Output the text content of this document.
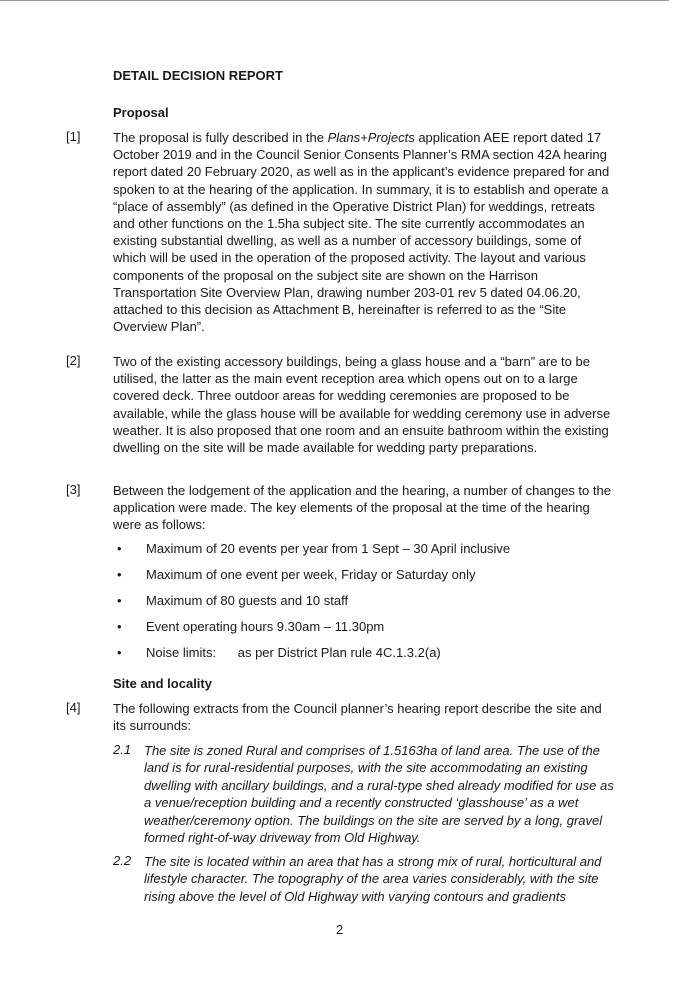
DETAIL DECISION REPORT
Proposal
[1]	The proposal is fully described in the Plans+Projects application AEE report dated 17 October 2019 and in the Council Senior Consents Planner’s RMA section 42A hearing report dated 20 February 2020, as well as in the applicant’s evidence prepared for and spoken to at the hearing of the application. In summary, it is to establish and operate a “place of assembly” (as defined in the Operative District Plan) for weddings, retreats and other functions on the 1.5ha subject site. The site currently accommodates an existing substantial dwelling, as well as a number of accessory buildings, some of which will be used in the operation of the proposed activity. The layout and various components of the proposal on the subject site are shown on the Harrison Transportation Site Overview Plan, drawing number 203-01 rev 5 dated 04.06.20, attached to this decision as Attachment B, hereinafter is referred to as the “Site Overview Plan”.

[2]	Two of the existing accessory buildings, being a glass house and a “barn” are to be utilised, the latter as the main event reception area which opens out on to a large covered deck. Three outdoor areas for wedding ceremonies are proposed to be available, while the glass house will be available for wedding ceremony use in adverse weather. It is also proposed that one room and an ensuite bathroom within the existing dwelling on the site will be made available for wedding party preparations.

[3]	Between the lodgement of the application and the hearing, a number of changes to the application were made. The key elements of the proposal at the time of the hearing were as follows:

• Maximum of 20 events per year from 1 Sept – 30 April inclusive
• Maximum of one event per week, Friday or Saturday only
• Maximum of 80 guests and 10 staff
• Event operating hours 9.30am – 11.30pm
• Noise limits:      as per District Plan rule 4C.1.3.2(a)
Site and locality
[4]	The following extracts from the Council planner’s hearing report describe the site and its surrounds:

2.1 The site is zoned Rural and comprises of 1.5163ha of land area. The use of the land is for rural-residential purposes, with the site accommodating an existing dwelling with ancillary buildings, and a rural-type shed already modified for use as a venue/reception building and a recently constructed ‘glasshouse’ as a wet weather/ceremony option. The buildings on the site are served by a long, gravel formed right-of-way driveway from Old Highway.

2.2 The site is located within an area that has a strong mix of rural, horticultural and lifestyle character. The topography of the area varies considerably, with the site rising above the level of Old Highway with varying contours and gradients

2
